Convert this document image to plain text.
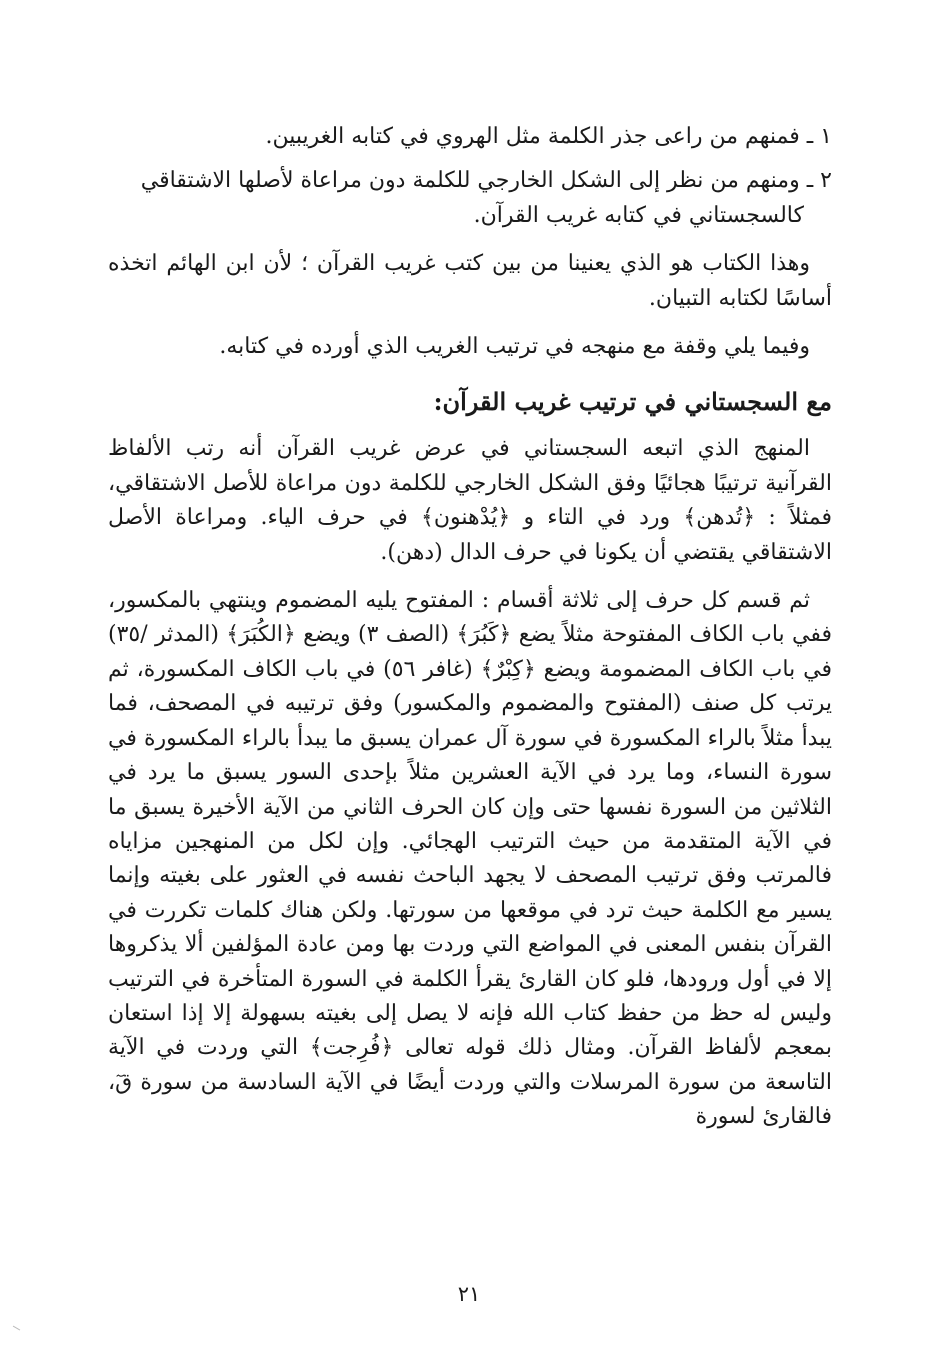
١ ـ فمنهم من راعى جذر الكلمة مثل الهروي في كتابه الغريبين.

٢ ـ ومنهم من نظر إلى الشكل الخارجي للكلمة دون مراعاة لأصلها الاشتقاقي
كالسجستاني في كتابه غريب القرآن.

وهذا الكتاب هو الذي يعنينا من بين كتب غريب القرآن ؛ لأن ابن الهائم اتخذه أساسًا لكتابه التبيان.

وفيما يلي وقفة مع منهجه في ترتيب الغريب الذي أورده في كتابه.

مع السجستاني في ترتيب غريب القرآن:

المنهج الذي اتبعه السجستاني في عرض غريب القرآن أنه رتب الألفاظ القرآنية ترتيبًا هجائيًا وفق الشكل الخارجي للكلمة دون مراعاة للأصل الاشتقاقي، فمثلاً : ﴿تُدهن﴾ ورد في التاء و ﴿يُدْهنون﴾ في حرف الياء. ومراعاة الأصل الاشتقاقي يقتضي أن يكونا في حرف الدال (دهن).

ثم قسم كل حرف إلى ثلاثة أقسام : المفتوح يليه المضموم وينتهي بالمكسور، ففي باب الكاف المفتوحة مثلاً يضع ﴿كَبُرَ﴾ (الصف ٣) ويضع ﴿الكُبَرَ﴾ (المدثر /٣٥) في باب الكاف المضمومة ويضع ﴿كِبْرٌ﴾ (غافر ٥٦) في باب الكاف المكسورة، ثم يرتب كل صنف (المفتوح والمضموم والمكسور) وفق ترتيبه في المصحف، فما يبدأ مثلاً بالراء المكسورة في سورة آل عمران يسبق ما يبدأ بالراء المكسورة في سورة النساء، وما يرد في الآية العشرين مثلاً بإحدى السور يسبق ما يرد في الثلاثين من السورة نفسها حتى وإن كان الحرف الثاني من الآية الأخيرة يسبق ما في الآية المتقدمة من حيث الترتيب الهجائي. وإن لكل من المنهجين مزاياه فالمرتب وفق ترتيب المصحف لا يجهد الباحث نفسه في العثور على بغيته وإنما يسير مع الكلمة حيث ترد في موقعها من سورتها. ولكن هناك كلمات تكررت في القرآن بنفس المعنى في المواضع التي وردت بها ومن عادة المؤلفين ألا يذكروها إلا في أول ورودها، فلو كان القارئ يقرأ الكلمة في السورة المتأخرة في الترتيب وليس له حظ من حفظ كتاب الله فإنه لا يصل إلى بغيته بسهولة إلا إذا استعان بمعجم لألفاظ القرآن. ومثال ذلك قوله تعالى ﴿فُرِجت﴾ التي وردت في الآية التاسعة من سورة المرسلات والتي وردت أيضًا في الآية السادسة من سورة قٓ، فالقارئ لسورة

٢١
